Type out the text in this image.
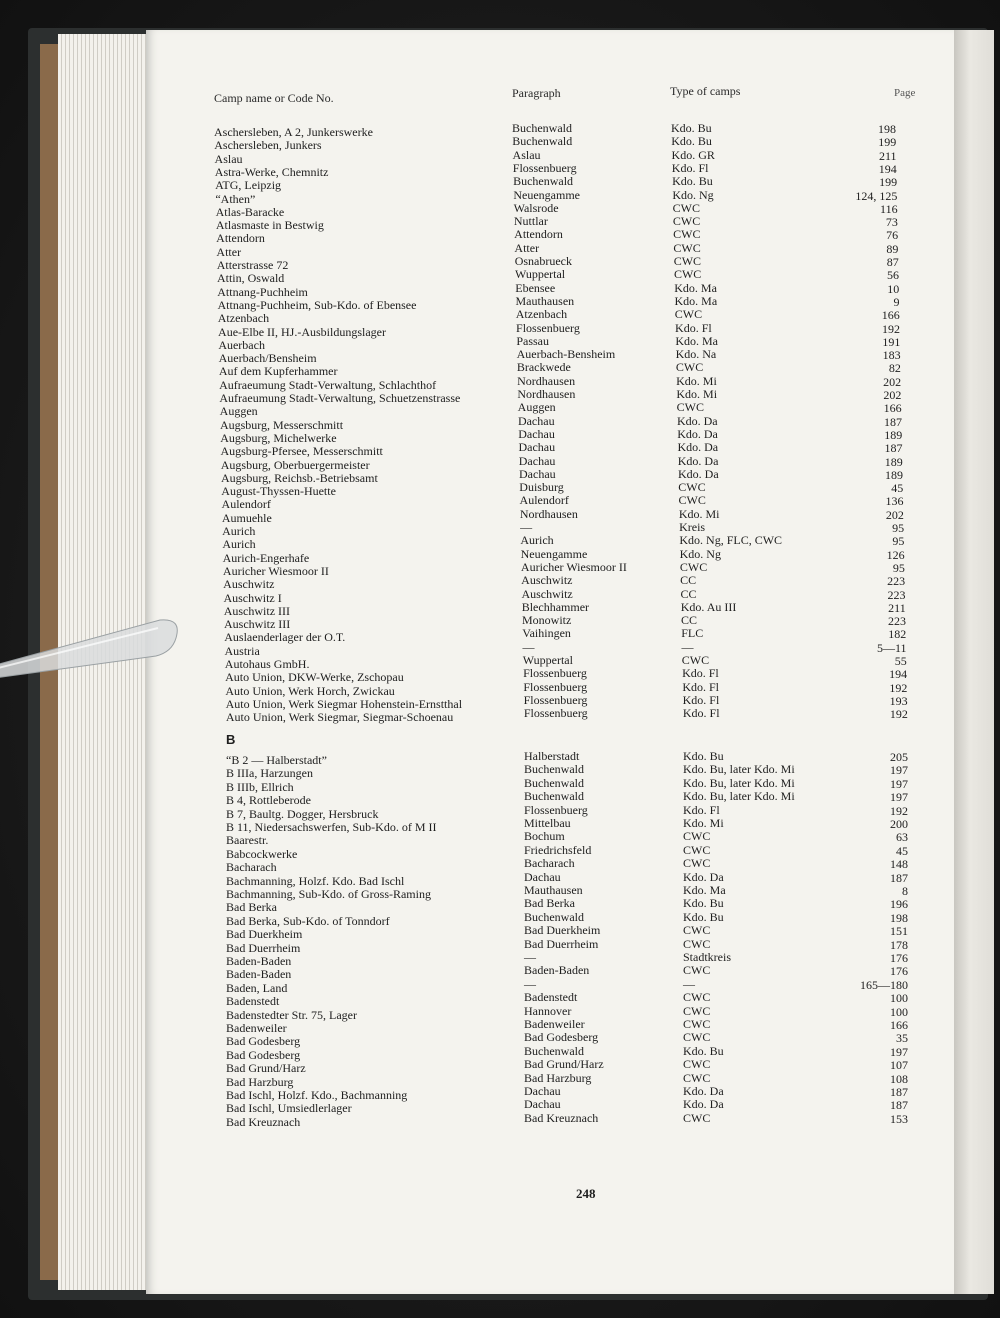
Camp name or Code No.	Paragraph	Type of camps	Page
Aschersleben, A 2, Junkerswerke	Buchenwald	Kdo. Bu	198
Aschersleben, Junkers	Buchenwald	Kdo. Bu	199
Aslau	Aslau	Kdo. GR	211
Astra-Werke, Chemnitz	Flossenbuerg	Kdo. Fl	194
ATG, Leipzig	Buchenwald	Kdo. Bu	199
“Athen”	Neuengamme	Kdo. Ng	124, 125
Atlas-Baracke	Walsrode	CWC	116
Atlasmaste in Bestwig	Nuttlar	CWC	73
Attendorn	Attendorn	CWC	76
Atter	Atter	CWC	89
Atterstrasse 72	Osnabrueck	CWC	87
Attin, Oswald	Wuppertal	CWC	56
Attnang-Puchheim	Ebensee	Kdo. Ma	10
Attnang-Puchheim, Sub-Kdo. of Ebensee	Mauthausen	Kdo. Ma	9
Atzenbach	Atzenbach	CWC	166
Aue-Elbe II, HJ.-Ausbildungslager	Flossenbuerg	Kdo. Fl	192
Auerbach	Passau	Kdo. Ma	191
Auerbach/Bensheim	Auerbach-Bensheim	Kdo. Na	183
Auf dem Kupferhammer	Brackwede	CWC	82
Aufraeumung Stadt-Verwaltung, Schlachthof	Nordhausen	Kdo. Mi	202
Aufraeumung Stadt-Verwaltung, Schuetzenstrasse	Nordhausen	Kdo. Mi	202
Auggen	Auggen	CWC	166
Augsburg, Messerschmitt	Dachau	Kdo. Da	187
Augsburg, Michelwerke	Dachau	Kdo. Da	189
Augsburg-Pfersee, Messerschmitt	Dachau	Kdo. Da	187
Augsburg, Oberbuergermeister	Dachau	Kdo. Da	189
Augsburg, Reichsb.-Betriebsamt	Dachau	Kdo. Da	189
August-Thyssen-Huette	Duisburg	CWC	45
Aulendorf	Aulendorf	CWC	136
Aumuehle	Nordhausen	Kdo. Mi	202
Aurich	—	Kreis	95
Aurich	Aurich	Kdo. Ng, FLC, CWC	95
Aurich-Engerhafe	Neuengamme	Kdo. Ng	126
Auricher Wiesmoor II	Auricher Wiesmoor II	CWC	95
Auschwitz	Auschwitz	CC	223
Auschwitz I	Auschwitz	CC	223
Auschwitz III	Blechhammer	Kdo. Au III	211
Auschwitz III	Monowitz	CC	223
Auslaenderlager der O.T.	Vaihingen	FLC	182
Austria	—	—	5—11
Autohaus GmbH.	Wuppertal	CWC	55
Auto Union, DKW-Werke, Zschopau	Flossenbuerg	Kdo. Fl	194
Auto Union, Werk Horch, Zwickau	Flossenbuerg	Kdo. Fl	192
Auto Union, Werk Siegmar Hohenstein-Ernstthal	Flossenbuerg	Kdo. Fl	193
Auto Union, Werk Siegmar, Siegmar-Schoenau	Flossenbuerg	Kdo. Fl	192
B
“B 2 — Halberstadt”	Halberstadt	Kdo. Bu	205
B IIIa, Harzungen	Buchenwald	Kdo. Bu, later Kdo. Mi	197
B IIIb, Ellrich	Buchenwald	Kdo. Bu, later Kdo. Mi	197
B 4, Rottleberode	Buchenwald	Kdo. Bu, later Kdo. Mi	197
B 7, Baultg. Dogger, Hersbruck	Flossenbuerg	Kdo. Fl	192
B 11, Niedersachswerfen, Sub-Kdo. of M II	Mittelbau	Kdo. Mi	200
Baarestr.	Bochum	CWC	63
Babcockwerke	Friedrichsfeld	CWC	45
Bacharach	Bacharach	CWC	148
Bachmanning, Holzf. Kdo. Bad Ischl	Dachau	Kdo. Da	187
Bachmanning, Sub-Kdo. of Gross-Raming	Mauthausen	Kdo. Ma	8
Bad Berka	Bad Berka	Kdo. Bu	196
Bad Berka, Sub-Kdo. of Tonndorf	Buchenwald	Kdo. Bu	198
Bad Duerkheim	Bad Duerkheim	CWC	151
Bad Duerrheim	Bad Duerrheim	CWC	178
Baden-Baden	—	Stadtkreis	176
Baden-Baden	Baden-Baden	CWC	176
Baden, Land	—	—	165—180
Badenstedt	Badenstedt	CWC	100
Badenstedter Str. 75, Lager	Hannover	CWC	100
Badenweiler	Badenweiler	CWC	166
Bad Godesberg	Bad Godesberg	CWC	35
Bad Godesberg	Buchenwald	Kdo. Bu	197
Bad Grund/Harz	Bad Grund/Harz	CWC	107
Bad Harzburg	Bad Harzburg	CWC	108
Bad Ischl, Holzf. Kdo., Bachmanning	Dachau	Kdo. Da	187
Bad Ischl, Umsiedlerlager	Dachau	Kdo. Da	187
Bad Kreuznach	Bad Kreuznach	CWC	153
248
